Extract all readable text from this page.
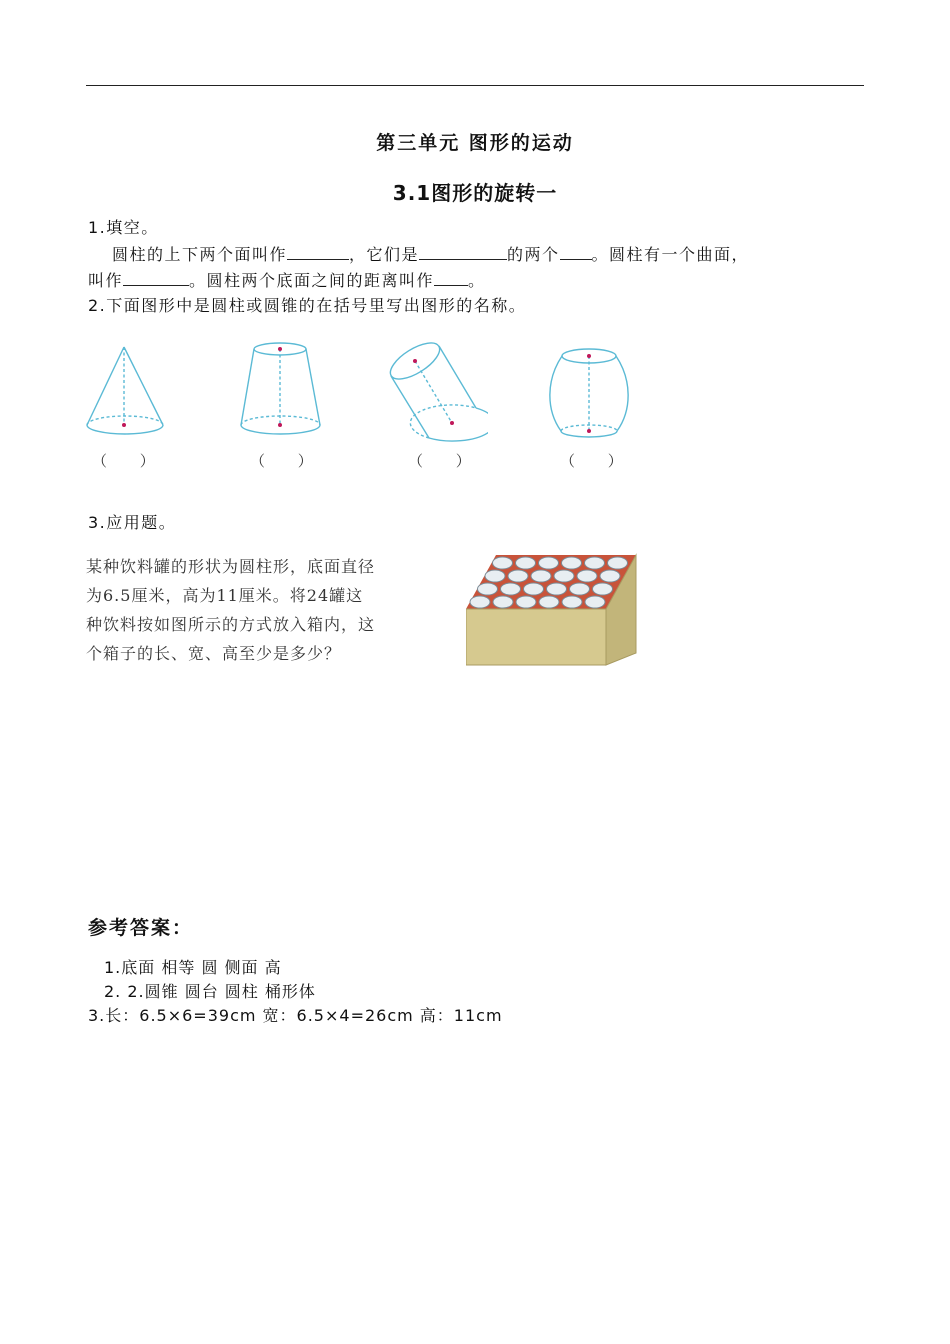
第三单元 图形的运动
3.1图形的旋转一
1.填空。
圆柱的上下两个面叫作	，它们是	的两个 。圆柱有一个曲面，
叫作	。圆柱两个底面之间的距离叫作 。
2.下面图形中是圆柱或圆锥的在括号里写出图形的名称。
（ ）	（ ）	（ ）	（ ）
3.应用题。
某种饮料罐的形状为圆柱形，底面直径
为6.5厘米，高为11厘米。将24罐这
种饮料按如图所示的方式放入箱内，这
个箱子的长、宽、高至少是多少？
参考答案：
1.底面 相等 圆 侧面 高
2. 2.圆锥 圆台 圆柱 桶形体
3.长：6.5×6=39cm 宽：6.5×4=26cm 高：11cm
